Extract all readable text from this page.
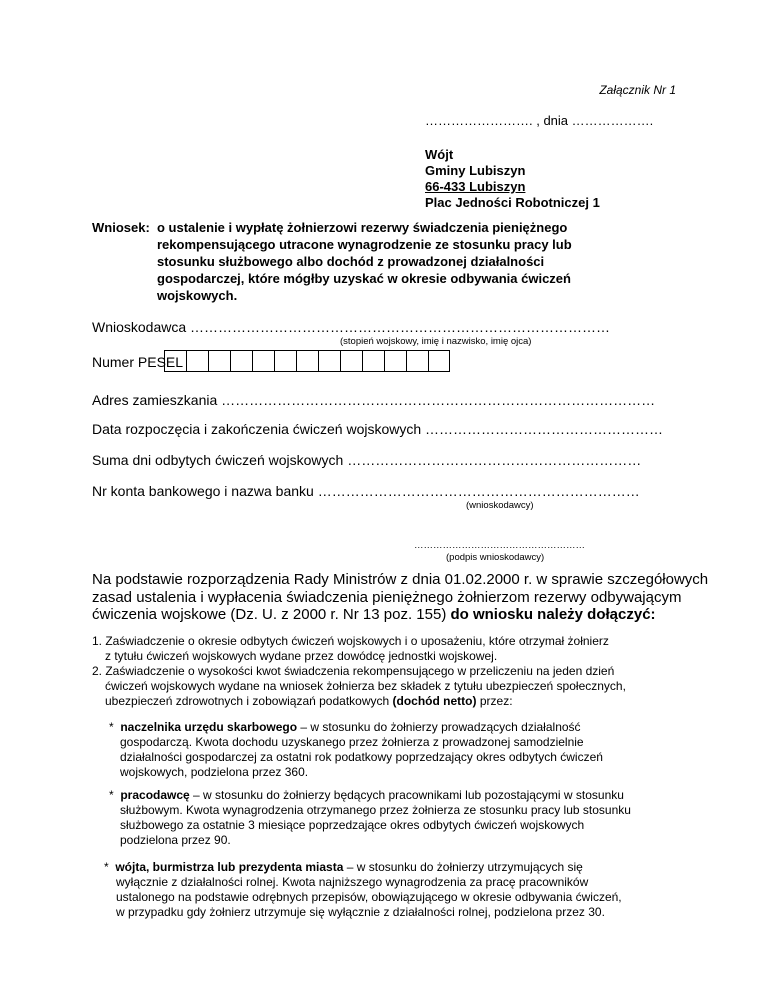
Załącznik Nr 1
……………………. , dnia ……………….
Wójt
Gminy Lubiszyn
66-433 Lubiszyn
Plac Jedności Robotniczej 1
Wniosek: o ustalenie i wypłatę żołnierzowi rezerwy świadczenia pieniężnego
rekompensującego utracone wynagrodzenie ze stosunku pracy lub
stosunku służbowego albo dochód z prowadzonej działalności
gospodarczej, które mógłby uzyskać w okresie odbywania ćwiczeń
wojskowych.
Wnioskodawca ………………………………………………………………………………
(stopień wojskowy, imię i nazwisko, imię ojca)
Numer PESEL
Adres zamieszkania …………………………………………………………………………………
Data rozpoczęcia i zakończenia ćwiczeń wojskowych ……………………………………………
Suma dni odbytych ćwiczeń wojskowych ………………………………………………………
Nr konta bankowego i nazwa banku ……………………………………………………………
(wnioskodawcy)
………………………………………………
(podpis wnioskodawcy)
Na podstawie rozporządzenia Rady Ministrów z dnia 01.02.2000 r. w sprawie szczegółowych
zasad ustalenia i wypłacenia świadczenia pieniężnego żołnierzom rezerwy odbywającym
ćwiczenia wojskowe (Dz. U. z 2000 r. Nr 13 poz. 155) do wniosku należy dołączyć:
1. Zaświadczenie o okresie odbytych ćwiczeń wojskowych i o uposażeniu, które otrzymał żołnierz
z tytułu ćwiczeń wojskowych wydane przez dowódcę jednostki wojskowej.
2. Zaświadczenie o wysokości kwot świadczenia rekompensującego w przeliczeniu na jeden dzień
ćwiczeń wojskowych wydane na wniosek żołnierza bez składek z tytułu ubezpieczeń społecznych,
ubezpieczeń zdrowotnych i zobowiązań podatkowych (dochód netto) przez:
* naczelnika urzędu skarbowego – w stosunku do żołnierzy prowadzących działalność
gospodarczą. Kwota dochodu uzyskanego przez żołnierza z prowadzonej samodzielnie
działalności gospodarczej za ostatni rok podatkowy poprzedzający okres odbytych ćwiczeń
wojskowych, podzielona przez 360.
* pracodawcę – w stosunku do żołnierzy będących pracownikami lub pozostającymi w stosunku
służbowym. Kwota wynagrodzenia otrzymanego przez żołnierza ze stosunku pracy lub stosunku
służbowego za ostatnie 3 miesiące poprzedzające okres odbytych ćwiczeń wojskowych
podzielona przez 90.
* wójta, burmistrza lub prezydenta miasta – w stosunku do żołnierzy utrzymujących się
wyłącznie z działalności rolnej. Kwota najniższego wynagrodzenia za pracę pracowników
ustalonego na podstawie odrębnych przepisów, obowiązującego w okresie odbywania ćwiczeń,
w przypadku gdy żołnierz utrzymuje się wyłącznie z działalności rolnej, podzielona przez 30.
